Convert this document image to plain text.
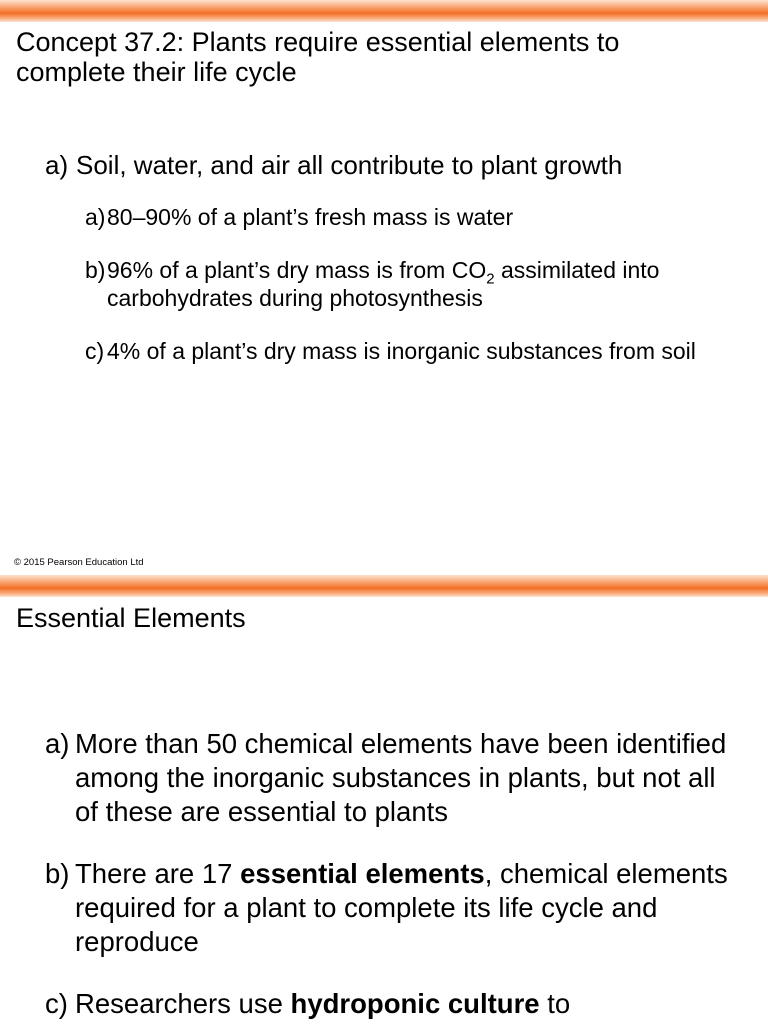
Concept 37.2: Plants require essential elements to complete their life cycle
a) Soil, water, and air all contribute to plant growth
a) 80–90% of a plant’s fresh mass is water
b) 96% of a plant’s dry mass is from $CO_2$ assimilated into carbohydrates during photosynthesis
c) 4% of a plant’s dry mass is inorganic substances from soil
© 2015 Pearson Education Ltd
Essential Elements
a) More than 50 chemical elements have been identified among the inorganic substances in plants, but not all of these are essential to plants
b) There are 17 essential elements, chemical elements required for a plant to complete its life cycle and reproduce
c) Researchers use hydroponic culture to
